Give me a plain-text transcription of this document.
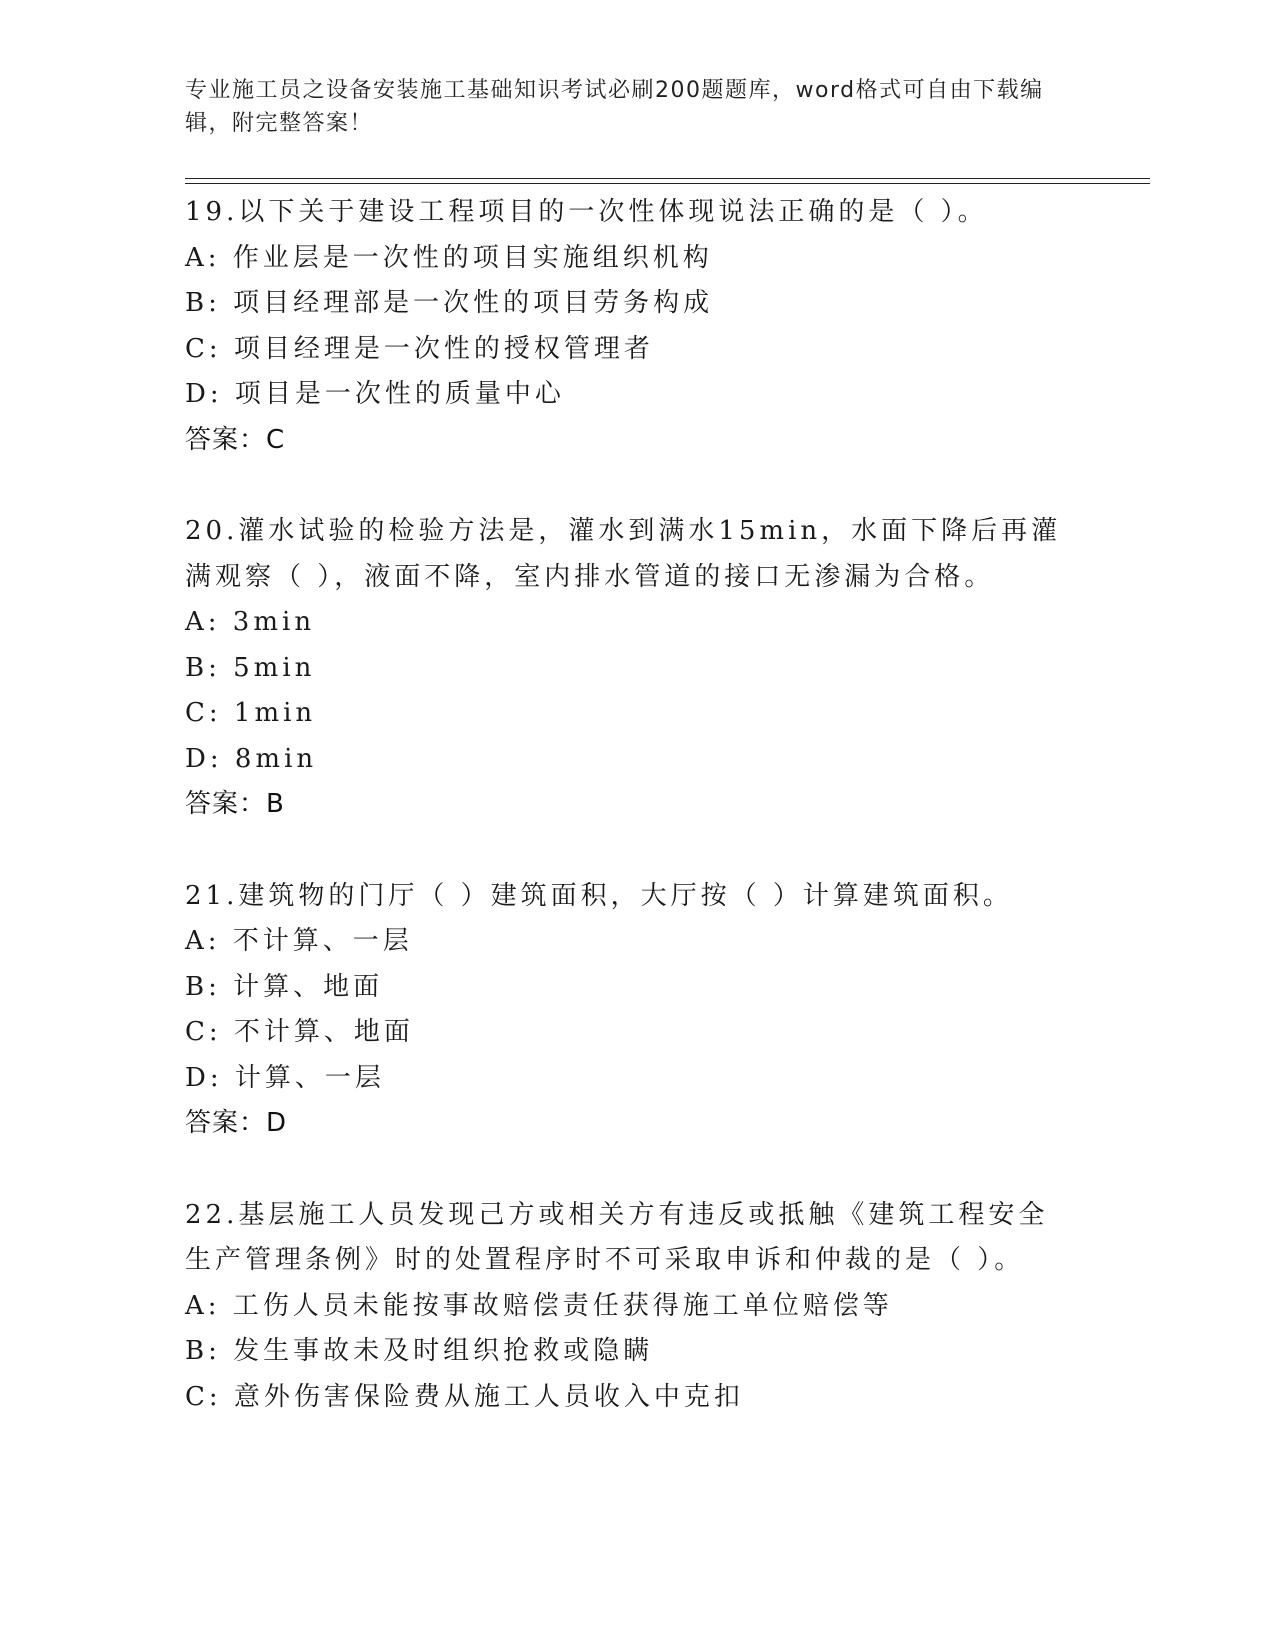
专业施工员之设备安装施工基础知识考试必刷200题题库，word格式可自由下载编辑，附完整答案！
19.以下关于建设工程项目的一次性体现说法正确的是（ ）。
A: 作业层是一次性的项目实施组织机构
B: 项目经理部是一次性的项目劳务构成
C: 项目经理是一次性的授权管理者
D: 项目是一次性的质量中心
答案：C
20.灌水试验的检验方法是，灌水到满水15min，水面下降后再灌满观察（ ），液面不降，室内排水管道的接口无渗漏为合格。
A: 3min
B: 5min
C: 1min
D: 8min
答案：B
21.建筑物的门厅（ ）建筑面积，大厅按（ ）计算建筑面积。
A: 不计算、一层
B: 计算、地面
C: 不计算、地面
D: 计算、一层
答案：D
22.基层施工人员发现己方或相关方有违反或抵触《建筑工程安全生产管理条例》时的处置程序时不可采取申诉和仲裁的是（ ）。
A: 工伤人员未能按事故赔偿责任获得施工单位赔偿等
B: 发生事故未及时组织抢救或隐瞒
C: 意外伤害保险费从施工人员收入中克扣
